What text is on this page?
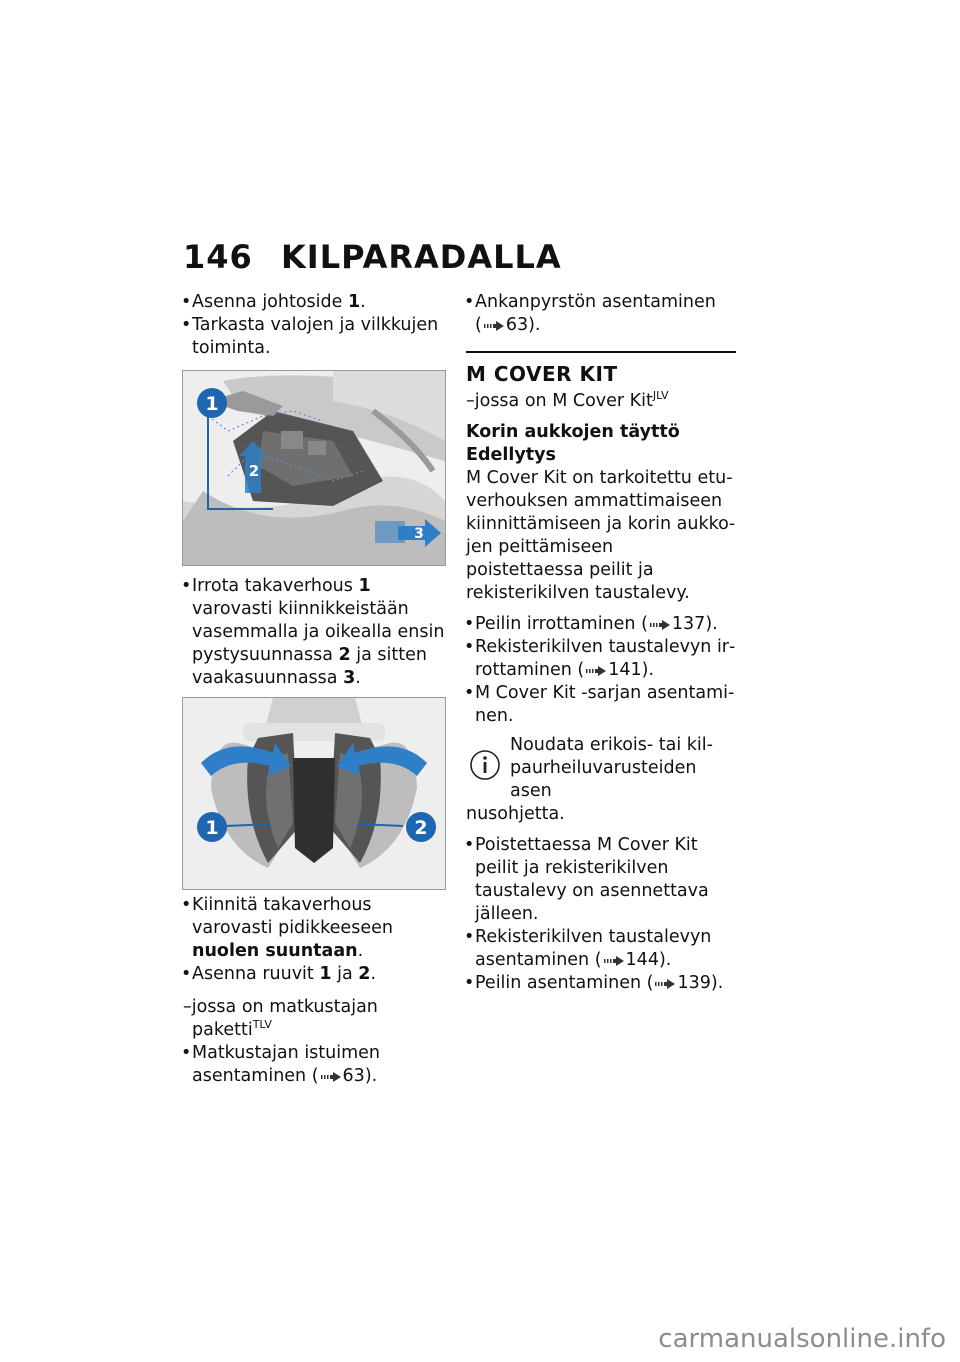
146 KILPARADALLA
• Asenna johtoside 1.
• Tarkasta valojen ja vilkkujen toiminta.
1
2
3
• Irrota takaverhous 1 varovasti kiinnikkeistään vasemmalla ja oikealla ensin pystysuunnassa 2 ja sitten vaakasuunnassa 3.
1	2
• Kiinnitä takaverhous varovasti pidikkeeseen nuolen suuntaan.
• Asenna ruuvit 1 ja 2.
–jossa on matkustajan
paketti$^{TLV}$
• Matkustajan istuimen asentaminen ( 63).
• Ankanpyrstön asentaminen
( 63).
M COVER KIT
–jossa on M Cover Kit$^{JLV}$
Korin aukkojen täyttö
Edellytys
M Cover Kit on tarkoitettu etuverhouksen ammattimaiseen kiinnittämiseen ja korin aukkojen peittämiseen poistettaessa peilit ja rekisterikilven taustalevy.
• Peilin irrottaminen ( 137).
• Rekisterikilven taustalevyn irrottaminen ( 141).
• M Cover Kit -sarjan asentaminen.
Noudata erikois- tai kilpaurheiluvarusteiden asen
nusohjetta.
• Poistettaessa M Cover Kit peilit ja rekisterikilven taustalevy on asennettava jälleen.
• Rekisterikilven taustalevyn asentaminen ( 144).
• Peilin asentaminen ( 139).
carmanualsonline.info
